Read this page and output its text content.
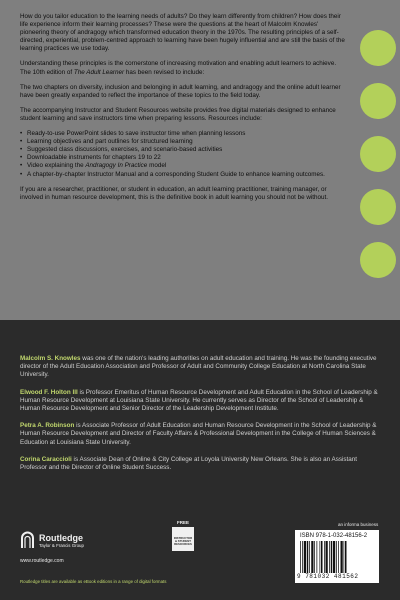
How do you tailor education to the learning needs of adults? Do they learn differently from children? How does their life experience inform their learning processes? These were the questions at the heart of Malcolm Knowles' pioneering theory of andragogy which transformed education theory in the 1970s. The resulting principles of a self-directed, experiential, problem-centred approach to learning have been hugely influential and are still the basis of the learning practices we use today.

Understanding these principles is the cornerstone of increasing motivation and enabling adult learners to achieve. The 10th edition of The Adult Learner has been revised to include:

The two chapters on diversity, inclusion and belonging in adult learning, and andragogy and the online adult learner have been greatly expanded to reflect the importance of these topics to the field today.

The accompanying Instructor and Student Resources website provides free digital materials designed to enhance student learning and save instructors time when preparing lessons. Resources include:
• Ready-to-use PowerPoint slides to save instructor time when planning lessons
• Learning objectives and part outlines for structured learning
• Suggested class discussions, exercises, and scenario-based activities
• Downloadable instruments for chapters 19 to 22
• Video explaining the Andragogy In Practice model
• A chapter-by-chapter Instructor Manual and a corresponding Student Guide to enhance learning outcomes.

If you are a researcher, practitioner, or student in education, an adult learning practitioner, training manager, or involved in human resource development, this is the definitive book in adult learning you should not be without.

Malcolm S. Knowles was one of the nation's leading authorities on adult education and training. He was the founding executive director of the Adult Education Association and Professor of Adult and Community College Education at North Carolina State University.

Elwood F. Holton III is Professor Emeritus of Human Resource Development and Adult Education in the School of Leadership & Human Resource Development at Louisiana State University. He currently serves as Director of the School of Leadership & Human Resource Development and Senior Director of the Leadership Development Institute.

Petra A. Robinson is Associate Professor of Adult Education and Human Resource Development in the School of Leadership & Human Resource Development and Director of Faculty Affairs & Professional Development in the College of Human Sciences & Education at Louisiana State University.

Corina Caraccioli is Associate Dean of Online & City College at Loyola University New Orleans. She is also an Assistant Professor and the Director of Online Student Success.

Routledge
Taylor & Francis Group
www.routledge.com
Routledge titles are available as eBook editions in a range of digital formats
FREE
INSTRUCTOR
& STUDENT
RESOURCES
an informa business
ISBN 978-1-032-48156-2
9 781032 481562
